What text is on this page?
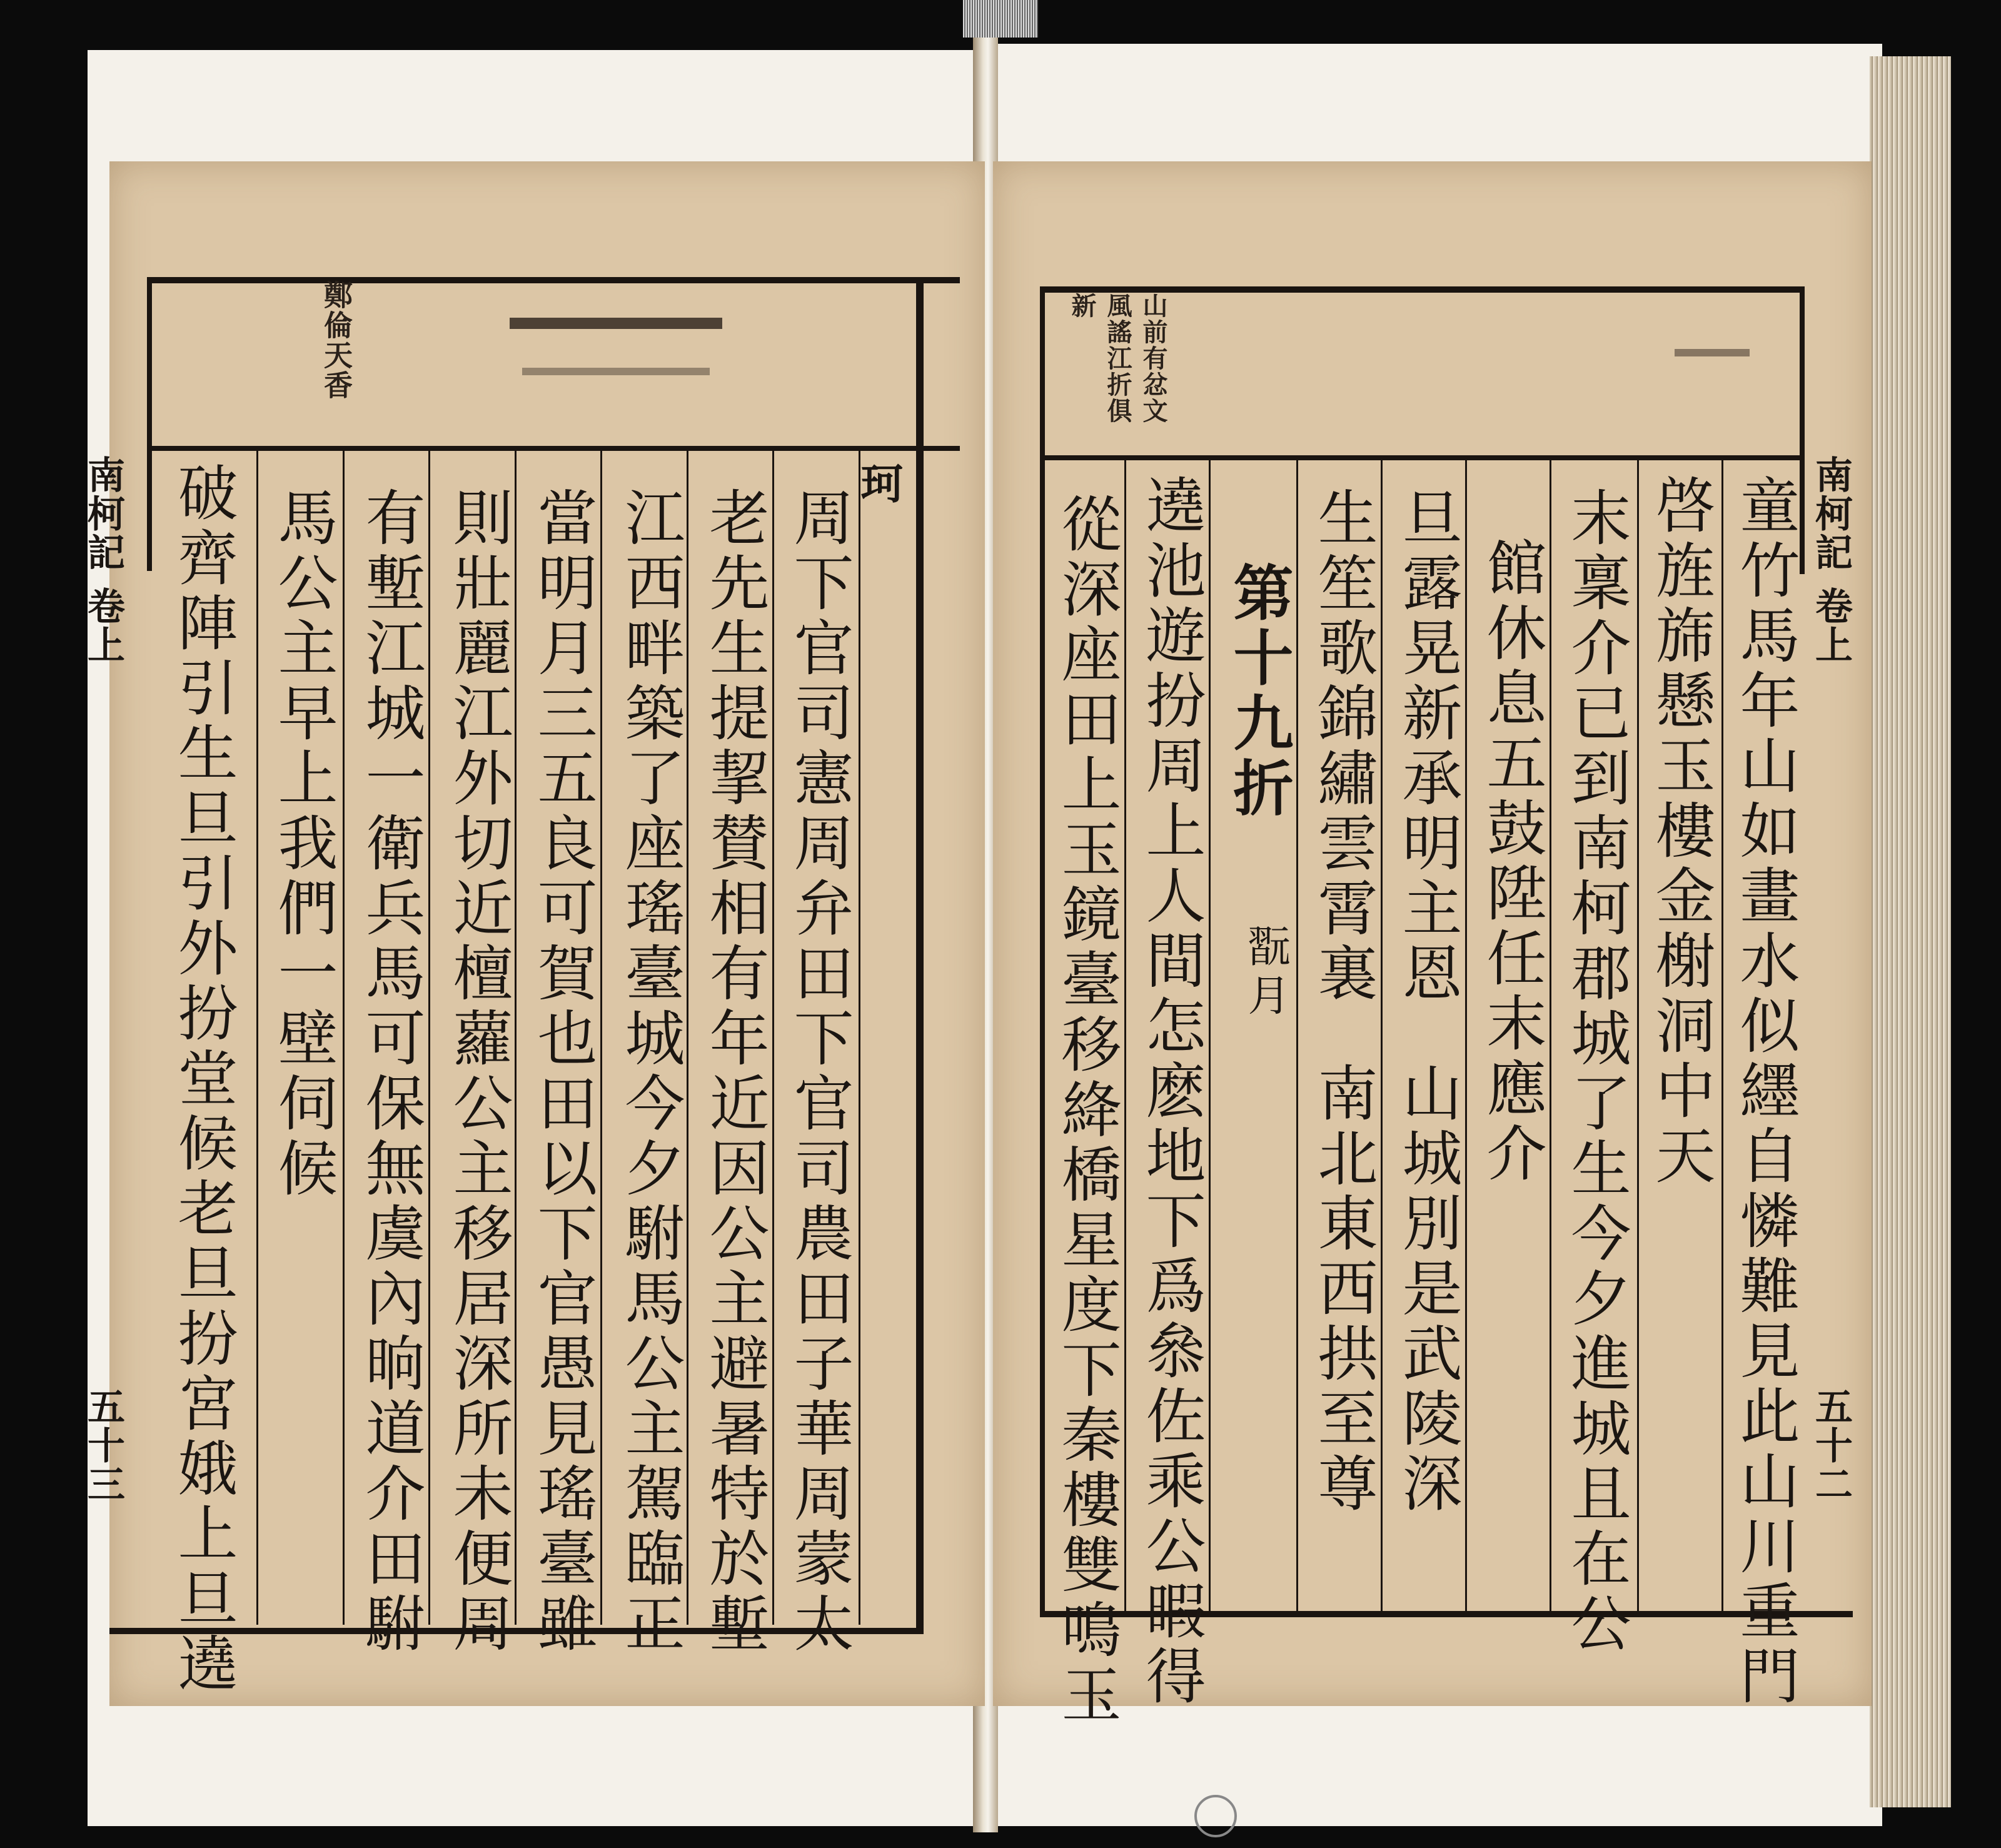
鄭倫天香
南柯記
卷上
五十三 破齊陣引生旦引外扮堂候老旦扮宮娥上旦遶 馬公主早上我們一壁伺候 有塹江城一衛兵馬可保無虞內晌道介田駙 則壯麗江外切近檀蘿公主移居深所未便周 當明月三五良可賀也田以下官愚見瑤臺雖 江西畔築了座瑤臺城今夕駙馬公主駕臨正 老先生提挈賛相有年近因公主避暑特於塹 周下官司憲周弁田下官司農田子華周蒙太
珂
山前有忿文風謠江折俱新
南柯記
卷上
五十二
童竹馬年山如畫水似纆自憐難見此山川重門
啓旌旆懸玉樓金榭洞中天
末稟介已到南柯郡城了生今夕進城且在公
館休息五鼓陞任末應介
旦露晃新承明主恩
山城別是武陵深
生笙歌錦繡雲霄裏
南北東西拱至尊
第十九折
翫月
遶池遊扮周上人間怎麽地下爲叅佐乘公暇得
從深座田上玉鏡臺移絳橋星度下秦樓雙鳴玉
